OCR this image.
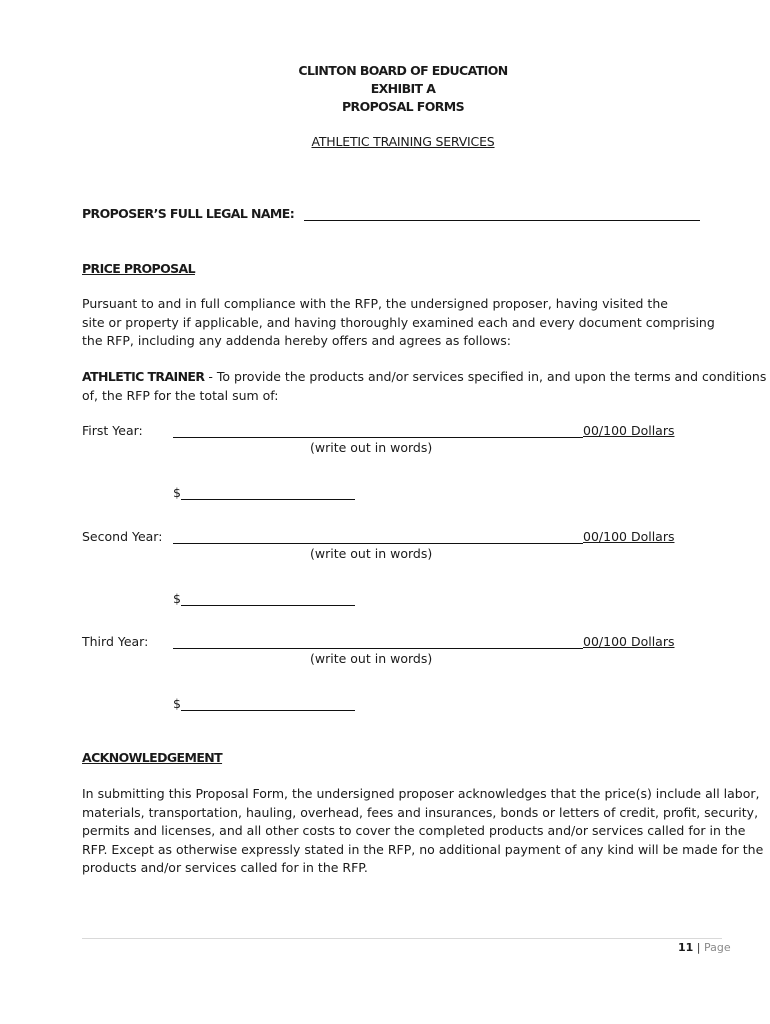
CLINTON BOARD OF EDUCATION
EXHIBIT A
PROPOSAL FORMS
ATHLETIC TRAINING SERVICES
PROPOSER’S FULL LEGAL NAME:
PRICE PROPOSAL
Pursuant to and in full compliance with the RFP, the undersigned proposer, having visited the
site or property if applicable, and having thoroughly examined each and every document comprising
the RFP, including any addenda hereby offers and agrees as follows:
ATHLETIC TRAINER - To provide the products and/or services specified in, and upon the terms and conditions
of, the RFP for the total sum of:
First Year:	00/100 Dollars
(write out in words)
$
Second Year:	00/100 Dollars
(write out in words)
$
Third Year:	00/100 Dollars
(write out in words)
$
ACKNOWLEDGEMENT
In submitting this Proposal Form, the undersigned proposer acknowledges that the price(s) include all labor,
materials, transportation, hauling, overhead, fees and insurances, bonds or letters of credit, profit, security,
permits and licenses, and all other costs to cover the completed products and/or services called for in the
RFP. Except as otherwise expressly stated in the RFP, no additional payment of any kind will be made for the
products and/or services called for in the RFP.
11 | Page
